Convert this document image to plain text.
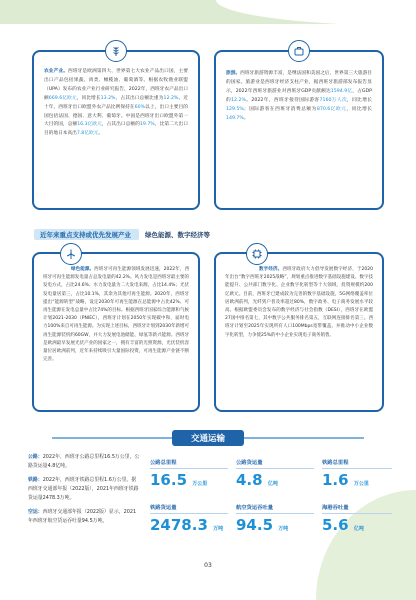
农业产业。西班牙是欧洲第四大、世界第七大农业产品出口国，主要出口产品包括果蔬、肉类、橄榄油、葡萄酒等。根据农牧渔业联盟（UPA）发布的农业产业行业研究报告，2022年，西班牙农产品出口额669.6亿欧元，同比增长13.2%，占其出口总额比重为12.2%。近十年，西班牙出口欧盟外农产品比例保持在60%以上，出口主要目的国包括法国、德国、意大利、葡萄牙。中国是西班牙出口欧盟外第一大目的国，总额16.3亿欧元，占其出口总额的19.7%，比第二大出口目的地日本高出7.8亿欧元。
旅游。西班牙旅游资源丰富，是继法国和美国之后，世界第三大旅游目的国家。旅游业是西班牙经济支柱产业，据西班牙旅游部发布报告显示，2022年西班牙旅游业对西班牙GDP贡献额达1594.9亿，占GDP的12.2%。2022年，西班牙接待国际游客7160万人次，同比增长129.5%；国际游客在西班牙消费总额为870.6亿欧元，同比增长149.7%。
近年来重点支持或优先发展产业	绿色能源、数字经济等
绿色能源。西班牙可再生能源领域发展迅速，2022年，西班牙可再生能源发电量占总发电量的42.2%。风力发电是西班牙最主要的发电方式，占比24.6%；水力发电量为二大发电来源，占比14.4%；光伏发电量居第三，占比10.1%，其余为其他可再生能源。2020年，西班牙提出“能源转型”战略，设定2030年可再生能源在总能源中占比42%、可再生能源在发电总量中占比74%的目标。根据西班牙国家综合能源和气候计划2021-2030（PNIEC），西班牙计划在2050年实现碳中和，届时电力100%来自可再生能源。为实现上述目标，西班牙计划到2030年新增可再生能源装机约60GW，并大力发展电池储能、绿氢等新兴能源。西班牙是欧洲最早发展光伏产业的国家之一，拥有丰富的光照资源，光伏装机容量位居欧洲前列，近年来持续吸引大量国际投资，可再生能源产业链不断完善。
数字经济。西班牙政府大力倡导发展数字经济，于2020年出台“数字西班牙2025战略”，规划重点推进数字基础设施建设、数字技能提升、公共部门数字化、企业数字化转型等十大领域，投资规模约200亿欧元。目前，西班牙已建成较为完善的数字基础设施，5G网络覆盖率位居欧洲前列，光纤到户普及率超过80%，数字政务、电子商务发展水平较高。根据欧盟委员会发布的数字经济与社会指数（DESI），西班牙在欧盟27国中排名第七，其中数字公共服务排名第五，互联网连接排名第三。西班牙计划至2025年实现所有人口100Mbps宽带覆盖，并推动中小企业数字化转型，力争使25%的中小企业实现电子商务销售。
交通运输

公路：2022年，西班牙公路总里程16.5万公里，公路货运量4.8亿吨。

铁路：2022年，西班牙铁路总里程1.6万公里。据西班牙交通部年报（2022版），2021年西班牙铁路货运量2478.3万吨。

空运：西班牙交通部年报（2022版）显示，2021年西班牙航空货运吞吐量94.5万吨。

公路总里程
16.5 万公里
公路货运量
4.8 亿吨
铁路总里程
1.6 万公里
铁路货运量
2478.3 万吨
航空货运吞吐量
94.5 万吨
海港吞吐量
5.6 亿吨
03
